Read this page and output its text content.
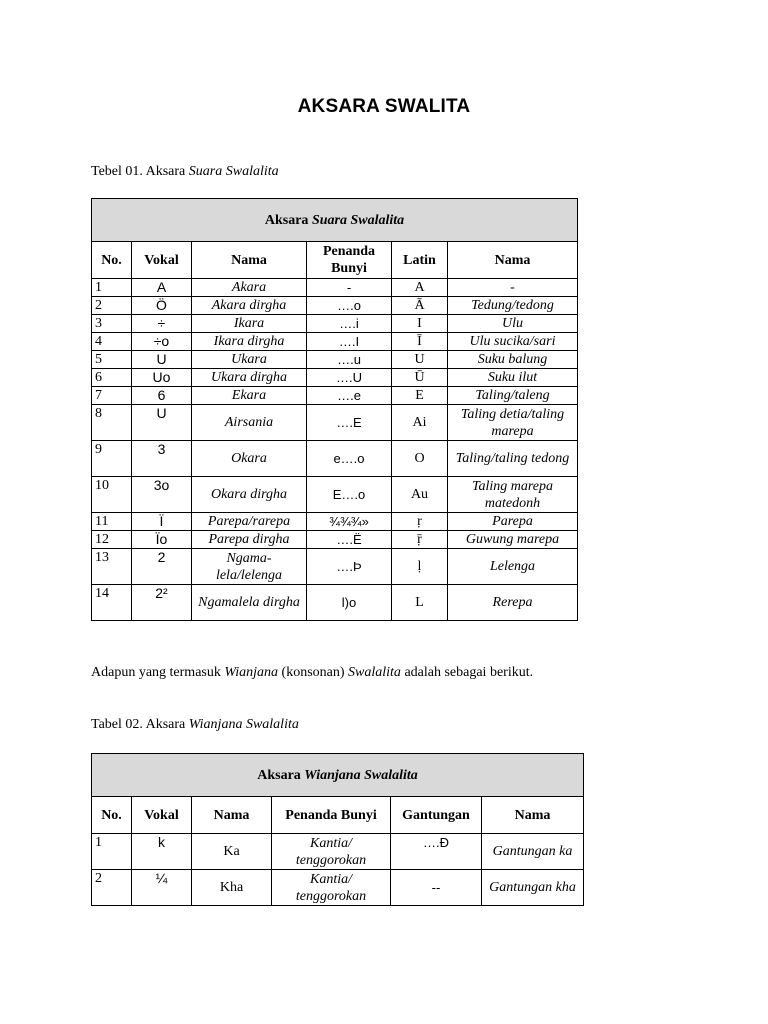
AKSARA SWALITA
Tebel 01. Aksara Suara Swalalita
Aksara Suara Swalalita					
No.	Vokal	Nama	Penanda Bunyi	Latin	Nama
1	A	Akara	-	A	-
2	Ö	Akara dirgha	….o	Ā	Tedung/tedong
3	÷	Ikara	….i	I	Ulu
4	÷o	Ikara dirgha	….I	Ī	Ulu sucika/sari
5	U	Ukara	….u	U	Suku balung
6	Uo	Ukara dirgha	….U	Ū	Suku ilut
7	6	Ekara	….e	E	Taling/taleng
8	U	Airsania	….E	Ai	Taling detia/taling marepa
9	3	Okara	e….o	O	Taling/taling tedong
10	3o	Okara dirgha	E….o	Au	Taling marepa matedonh
11	Ï	Parepa/rarepa	¾¾¾»	ṛ	Parepa
12	Ïo	Parepa dirgha	….Ë	ṝ	Guwung marepa
13	2	Ngama-lela/lelenga	….Þ	ḷ	Lelenga
14	2²	Ngamalela dirgha	l)o	L	Rerepa
Adapun yang termasuk Wianjana (konsonan) Swalalita adalah sebagai berikut.
Tabel 02. Aksara Wianjana Swalalita
Aksara Wianjana Swalalita					
No.	Vokal	Nama	Penanda Bunyi	Gantungan	Nama
1	k	Ka	Kantia/ tenggorokan	….Ð	Gantungan ka
2	¼	Kha	Kantia/ tenggorokan	--	Gantungan kha
